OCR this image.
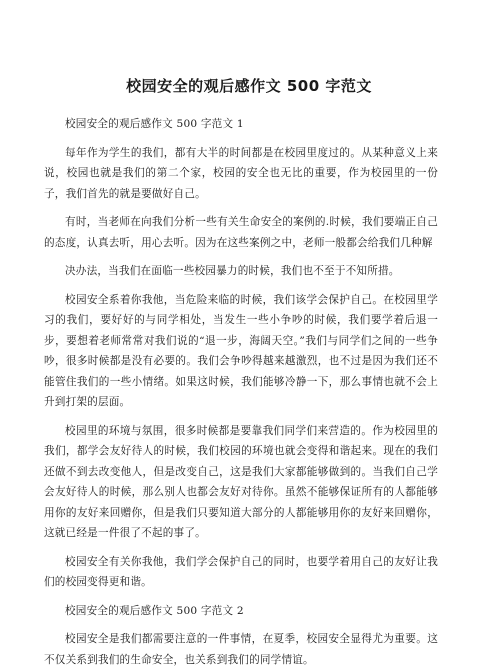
校园安全的观后感作文 500 字范文

校园安全的观后感作文 500 字范文 1

每年作为学生的我们，都有大半的时间都是在校园里度过的。从某种意义上来说，校园也就是我们的第二个家，校园的安全也无比的重要，作为校园里的一份子，我们首先的就是要做好自己。

有时，当老师在向我们分析一些有关生命安全的案例的.时候，我们要端正自己的态度，认真去听，用心去听。因为在这些案例之中，老师一般都会给我们几种解

决办法，当我们在面临一些校园暴力的时候，我们也不至于不知所措。

校园安全系着你我他，当危险来临的时候，我们该学会保护自己。在校园里学习的我们，要好好的与同学相处，当发生一些小争吵的时候，我们要学着后退一步，要想着老师常常对我们说的“退一步，海阔天空。”我们与同学们之间的一些争吵，很多时候都是没有必要的。我们会争吵得越来越激烈，也不过是因为我们还不能管住我们的一些小情绪。如果这时候，我们能够冷静一下，那么事情也就不会上升到打架的层面。

校园里的环境与氛围，很多时候都是要靠我们同学们来营造的。作为校园里的我们，都学会友好待人的时候，我们校园的环境也就会变得和谐起来。现在的我们还做不到去改变他人，但是改变自己，这是我们大家都能够做到的。当我们自己学会友好待人的时候，那么别人也都会友好对待你。虽然不能够保证所有的人都能够用你的友好来回赠你，但是我们只要知道大部分的人都能够用你的友好来回赠你，这就已经是一件很了不起的事了。

校园安全有关你我他，我们学会保护自己的同时，也要学着用自己的友好让我们的校园变得更和谐。

校园安全的观后感作文 500 字范文 2

校园安全是我们都需要注意的一件事情，在夏季，校园安全显得尤为重要。这不仅关系到我们的生命安全，也关系到我们的同学情谊。
